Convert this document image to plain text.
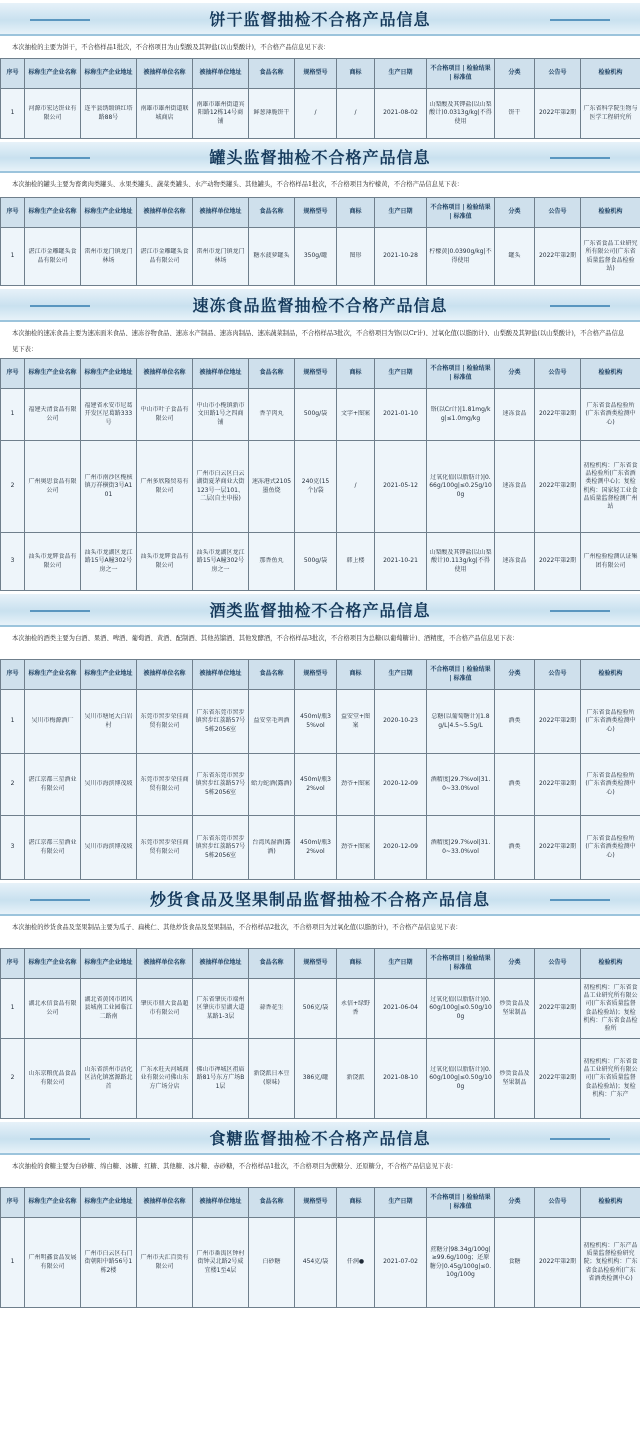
饼干监督抽检不合格产品信息
本次抽检的主要为饼干，不合格样品1批次，不合格项目为山梨酸及其钾盐(以山梨酸计)，不合格产品信息见下表：
序号	标称生产企业名称	标称生产企业地址	被抽样单位名称	被抽样单位地址	食品名称	规格型号	商标	生产日期	不合格项目 | 检验结果 | 标准值	分类	公告号	检验机构

1	河源市宏达饼业有限公司	连平县绣缎镇红塔路88号	南雄市雄州街道联城商店	南雄市雄州街道宾阳路12栋14号商铺	鲜葱薄脆饼干	/	/	2021-08-02	山梨酸及其钾盐(以山梨酸计)0.0313g/kg|不得使用	饼干	2022年第2期	广东省科学院生物与医学工程研究所
罐头监督抽检不合格产品信息
本次抽检的罐头主要为畜禽肉类罐头、水果类罐头、蔬菜类罐头、水产动物类罐头、其他罐头，不合格样品1批次，不合格项目为柠檬黄，不合格产品信息见下表：
序号	标称生产企业名称	标称生产企业地址	被抽样单位名称	被抽样单位地址	食品名称	规格型号	商标	生产日期	不合格项目 | 检验结果 | 标准值	分类	公告号	检验机构

1	湛江市金雕罐头食品有限公司	雷州市龙门镇龙门林场	湛江市金雕罐头食品有限公司	雷州市龙门镇龙门林场	糖水菠萝罐头	350g/罐	图形	2021-10-28	柠檬黄|0.0390g/kg|不得使用	罐头	2022年第2期	广东省食品工业研究所有限公司(广东省质量监督食品检验站)
速冻食品监督抽检不合格产品信息
本次抽检的速冻食品主要为速冻面米食品、速冻谷物食品、速冻水产制品、速冻肉制品、速冻蔬菜制品，不合格样品3批次，不合格项目为铬(以Cr计)、过氧化值(以脂肪计)、山梨酸及其钾盐(以山梨酸计)，不合格产品信息见下表：
序号	标称生产企业名称	标称生产企业地址	被抽样单位名称	被抽样单位地址	食品名称	规格型号	商标	生产日期	不合格项目 | 检验结果 | 标准值	分类	公告号	检验机构

1	福建天清食品有限公司	福建省永安市尼葛开发区尼葛路333号	中山市叶子食品有限公司	中山市小榄镇新市文田路1号之四商铺	香芋肉丸	500g/袋	文字+图案	2021-01-10	铬(以Cr计)|1.81mg/kg|≤1.0mg/kg	速冻食品	2022年第2期	广东省食品检验所(广东省酒类检测中心)

2	广州奥思食品有限公司	广州市南沙区榄核镇万祥横街3号A101	广州多欣隆贸易有限公司	广州市白云区白云湖街夏茅商业大街123号一层101、二层(自主申报)	速冻港式2105墨鱼烧	240克(15个)/袋	/	2021-05-12	过氧化值(以脂肪计)|0.66g/100g|≤0.25g/100g	速冻食品	2022年第2期	初检机构：广东省食品检验所(广东省酒类检测中心)；复检机构：国家轻工业食品质量监督检测广州站

3	汕头市龙辉食品有限公司	汕头市龙湖区龙江路15号A幢302号房之一	汕头市龙辉食品有限公司	汕头市龙湖区龙江路15号A幢302号房之一	那香鱼丸	500g/袋	韩上楼	2021-10-21	山梨酸及其钾盐(以山梨酸计)0.113g/kg|不得使用	速冻食品	2022年第2期	广州检验检测认证集团有限公司
酒类监督抽检不合格产品信息
本次抽检的酒类主要为白酒、果酒、啤酒、葡萄酒、黄酒、配制酒、其他蒸馏酒、其他发酵酒，不合格样品3批次，不合格项目为总糖(以葡萄糖计)、酒精度，不合格产品信息见下表：
序号	标称生产企业名称	标称生产企业地址	被抽样单位名称	被抽样单位地址	食品名称	规格型号	商标	生产日期	不合格项目 | 检验结果 | 标准值	分类	公告号	检验机构

1	吴川市梅源酒厂	吴川市塘尾大白岩村	东莞市窖步荣佳商贸有限公司	广东省东莞市窖步镇窖步红荔路57号5栋2056室	益安堂毛鸡酒	450ml/瓶35%vol	益安堂+图案	2020-10-23	总糖(以葡萄糖计)|1.8g/L|4.5~5.5g/L	酒类	2022年第2期	广东省食品检验所(广东省酒类检测中心)

2	湛江京都三星酒业有限公司	吴川市海滨博茂坡	东莞市窖步荣佳商贸有限公司	广东省东莞市窖步镇窖步红荔路57号5栋2056室	蛤力蛇酒(露酒)	450ml/瓶32%vol	劲爷+图案	2020-12-09	酒精度|29.7%vol|31.0~33.0%vol	酒类	2022年第2期	广东省食品检验所(广东省酒类检测中心)

3	湛江京都三星酒业有限公司	吴川市海滨博茂坡	东莞市窖步荣佳商贸有限公司	广东省东莞市窖步镇窖步红荔路57号5栋2056室	台湾凤湿酒(露酒)	450ml/瓶32%vol	劲爷+图案	2020-12-09	酒精度|29.7%vol|31.0~33.0%vol	酒类	2022年第2期	广东省食品检验所(广东省酒类检测中心)
炒货食品及坚果制品监督抽检不合格产品信息
本次抽检的炒货食品及坚果制品主要为瓜子、扁桃仁、其他炒货食品及坚果制品，不合格样品2批次，不合格项目为过氧化值(以脂肪计)，不合格产品信息见下表：
序号	标称生产企业名称	标称生产企业地址	被抽样单位名称	被抽样单位地址	食品名称	规格型号	商标	生产日期	不合格项目 | 检验结果 | 标准值	分类	公告号	检验机构

1	湖北永信食品有限公司	湖北省黄冈市团风县城南工业园临江二路南	肇庆市鼎大食品超市有限公司	广东省肇庆市端州区肇庆市星湖大道某路1-3层	蒜香花生	506克/袋	永信+绿野香	2021-06-04	过氧化值(以脂肪计)|0.60g/100g|≤0.50g/100g	炒货食品及坚果制品	2022年第2期	初检机构：广东省食品工业研究所有限公司(广东省质量监督食品检验站)；复检机构：广东省食品检验所

2	山东京粮优品食品有限公司	山东省滨州市沾化区沾化镇富源路北首	广东永旺天河城商业有限公司佛山东方广场分店	佛山市禅城区祖庙路81号东方广场B1层	新饶派日本豆(原味)	386克/罐	新饶派	2021-08-10	过氧化值(以脂肪计)|0.60g/100g|≤0.50g/100g	炒货食品及坚果制品	2022年第2期	初检机构：广东省食品工业研究所有限公司(广东省质量监督食品检验站)；复检机构：广东产
食糖监督抽检不合格产品信息
本次抽检的食糖主要为白砂糖、绵白糖、冰糖、红糖、其他糖、冰片糖、赤砂糖，不合格样品1批次，不合格项目为蔗糖分、还原糖分，不合格产品信息见下表：
序号	标称生产企业名称	标称生产企业地址	被抽样单位名称	被抽样单位地址	食品名称	规格型号	商标	生产日期	不合格项目 | 检验结果 | 标准值	分类	公告号	检验机构

1	广州明鑫食品发展有限公司	广州市白云区石门街朝阳中路56号1栋2楼	广州市天汇百货有限公司	广州市番禺区钟村街钟灵北路2号威宜楼1至4层	白砂糖	454克/袋	仟润●	2021-07-02	蔗糖分|98.34g/100g|≥99.6g/100g；还原糖分|0.45g/100g|≤0.10g/100g	食糖	2022年第2期	初检机构：广东产品质量监督检验研究院；复检机构：广东省食品检验所(广东省酒类检测中心)
